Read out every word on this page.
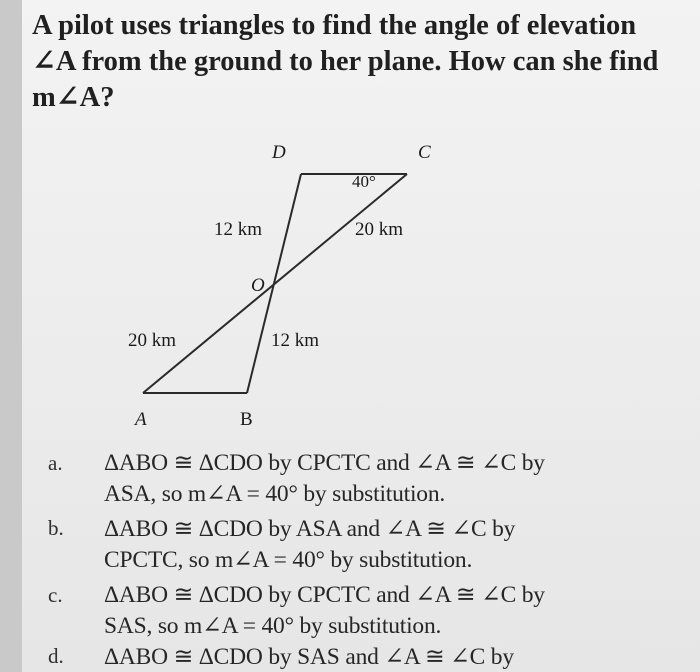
A pilot uses triangles to find the angle of elevation
∠A from the ground to her plane. How can she find
m∠A?
D	C
40°
12 km	20 km
O
20 km	12 km
A	B
a. ΔABO ≅ ΔCDO by CPCTC and ∠A ≅ ∠C by
ASA, so m∠A = 40° by substitution.
b. ΔABO ≅ ΔCDO by ASA and ∠A ≅ ∠C by
CPCTC, so m∠A = 40° by substitution.
c. ΔABO ≅ ΔCDO by CPCTC and ∠A ≅ ∠C by
SAS, so m∠A = 40° by substitution.
d. ΔABO ≅ ΔCDO by SAS and ∠A ≅ ∠C by
